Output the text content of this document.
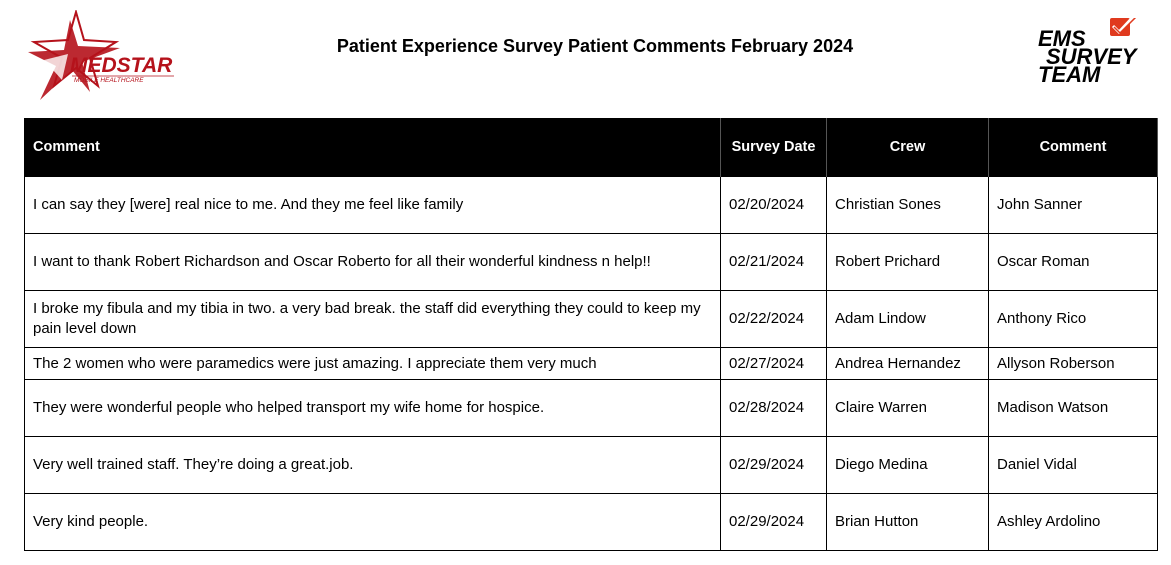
MEDSTAR
MOBILE HEALTHCARE
EMS
SURVEY
TEAM
Patient Experience Survey Patient Comments February 2024
Comment	Survey Date	Crew	Comment
I can say they [were] real nice to me. And they me feel like family	02/20/2024	Christian Sones	John Sanner
I want to thank Robert Richardson and Oscar Roberto for all their wonderful kindness n help!!	02/21/2024	Robert Prichard	Oscar Roman
I broke my fibula and my tibia in two. a very bad break. the staff did everything they could to keep my pain level down	02/22/2024	Adam Lindow	Anthony Rico
The 2 women who were paramedics were just amazing. I appreciate them very much	02/27/2024	Andrea Hernandez	Allyson Roberson
They were wonderful people who helped transport my wife home for hospice.	02/28/2024	Claire Warren	Madison Watson
Very well trained staff. They’re doing a great.job.	02/29/2024	Diego Medina	Daniel Vidal
Very kind people.	02/29/2024	Brian Hutton	Ashley Ardolino
